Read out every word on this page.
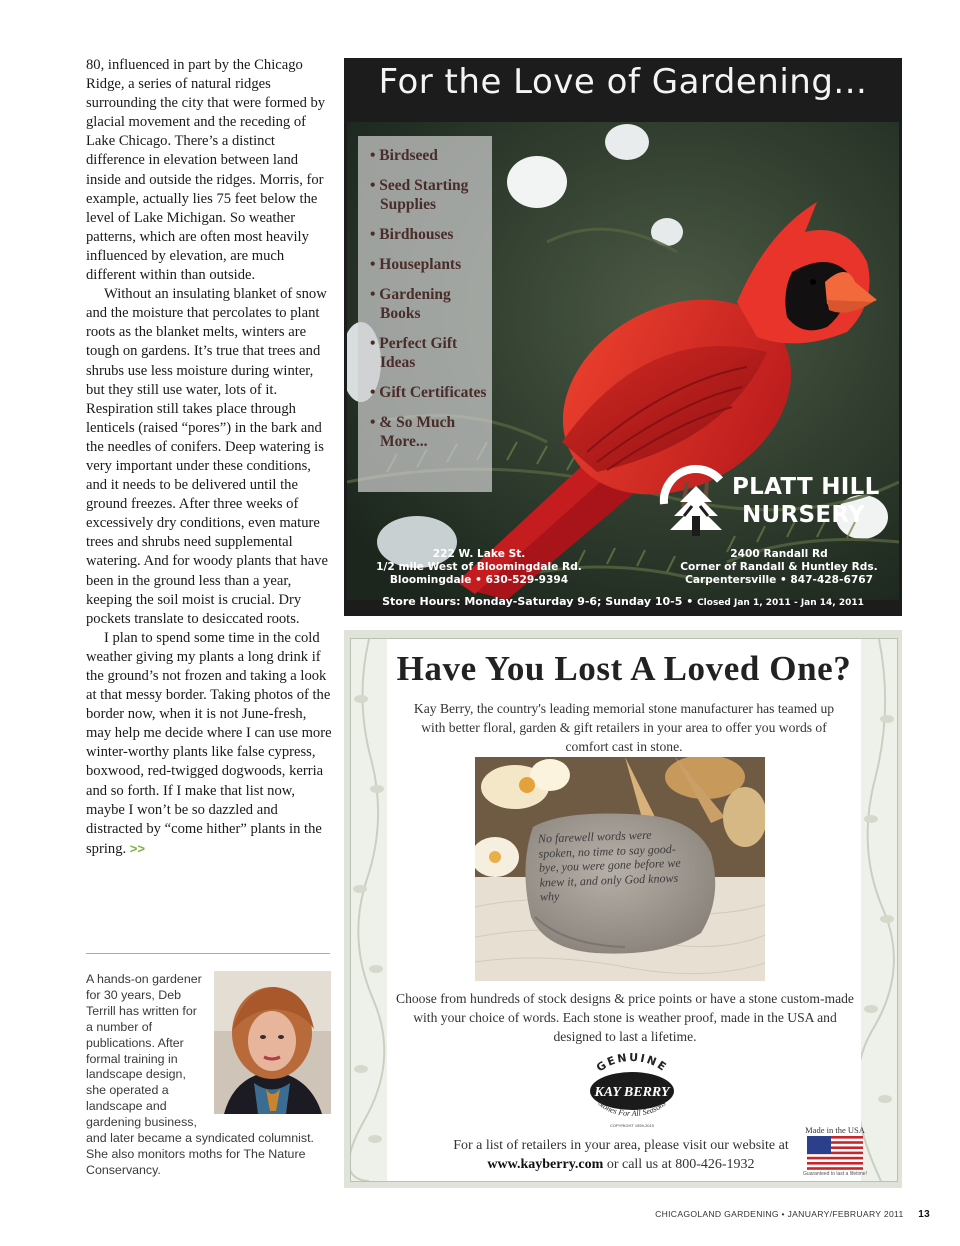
80, influenced in part by the Chicago Ridge, a series of natural ridges surrounding the city that were formed by glacial movement and the receding of Lake Chicago. There’s a distinct difference in elevation between land inside and outside the ridges. Morris, for example, actually lies 75 feet below the level of Lake Michigan. So weather patterns, which are often most heavily influenced by elevation, are much different within than outside.

Without an insulating blanket of snow and the moisture that percolates to plant roots as the blanket melts, winters are tough on gardens. It’s true that trees and shrubs use less moisture during winter, but they still use water, lots of it. Respiration still takes place through lenticels (raised “pores”) in the bark and the needles of conifers. Deep watering is very important under these conditions, and it needs to be delivered until the ground freezes. After three weeks of excessively dry conditions, even mature trees and shrubs need supplemental watering. And for woody plants that have been in the ground less than a year, keeping the soil moist is crucial. Dry pockets translate to desiccated roots.

I plan to spend some time in the cold weather giving my plants a long drink if the ground’s not frozen and taking a look at that messy border. Taking photos of the border now, when it is not June-fresh, may help me decide where I can use more winter-worthy plants like false cypress, boxwood, red-twigged dogwoods, kerria and so forth. If I make that list now, maybe I won’t be so dazzled and distracted by “come hither” plants in the spring. >>

A hands-on gardener for 30 years, Deb Terrill has written for a number of publications. After formal training in landscape design, she operated a landscape and gardening business, and later became a syndicated columnist. She also monitors moths for The Nature Conservancy.
For the Love of Gardening...
• Birdseed
• Seed Starting Supplies
• Birdhouses
• Houseplants
• Gardening Books
• Perfect Gift Ideas
• Gift Certificates
• & So Much More...
PLATT HILL
NURSERY
222 W. Lake St.
1/2 mile West of Bloomingdale Rd.
Bloomingdale • 630-529-9394
2400 Randall Rd
Corner of Randall & Huntley Rds.
Carpentersville • 847-428-6767
Store Hours: Monday-Saturday 9-6; Sunday 10-5 • Closed Jan 1, 2011 - Jan 14, 2011
Have You Lost A Loved One?
Kay Berry, the country's leading memorial stone manufacturer has teamed up with better floral, garden & gift retailers in your area to offer you words of comfort cast in stone.
No farewell words were spoken, no time to say good-bye, you were gone before we knew it, and only God knows why
Choose from hundreds of stock designs & price points or have a stone custom-made with your choice of words. Each stone is weather proof, made in the USA and designed to last a lifetime.
GENUINE
KAY BERRY
Stones For All Seasons
COPYRIGHT 1999-2010
For a list of retailers in your area, please visit our website at
www.kayberry.com or call us at 800-426-1932
Made in the USA
Guaranteed to last a lifetime!
CHICAGOLAND GARDENING • JANUARY/FEBRUARY 2011 13
